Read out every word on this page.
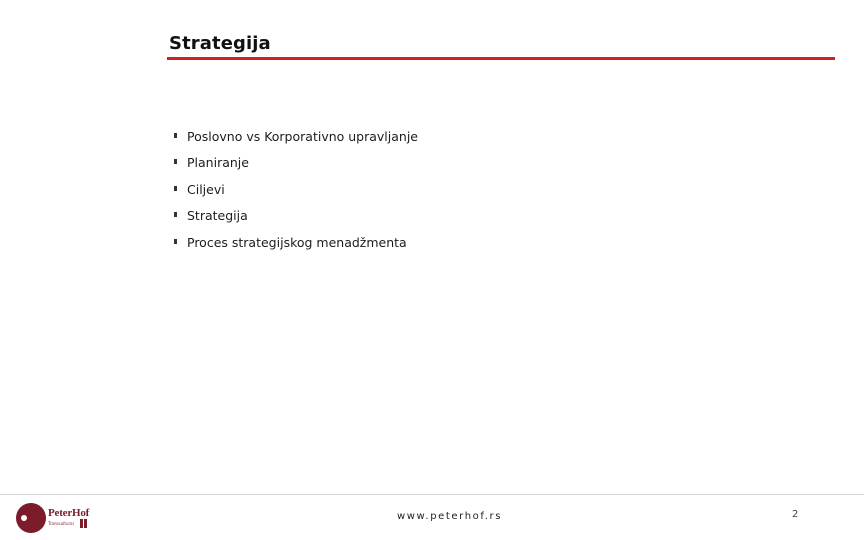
Strategija
Poslovno vs Korporativno upravljanje
Planiranje
Ciljevi
Strategija
Proces strategijskog menadžmenta
PeterHof
Transcultural
www.peterhof.rs	2
